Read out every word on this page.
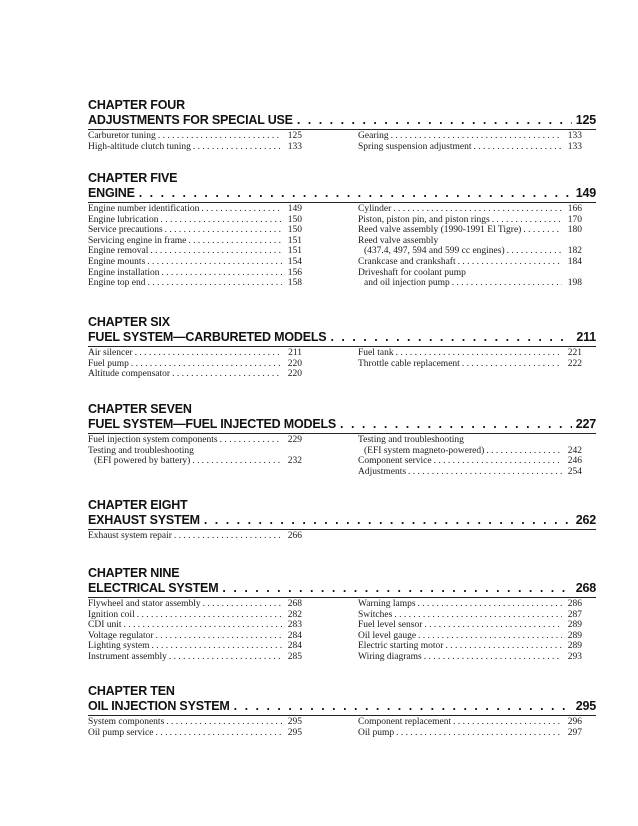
CHAPTER FOUR
ADJUSTMENTS FOR SPECIAL USE . . .	125
Carburetor tuning . . .	125
High-altitude clutch tuning . . .	133
Gearing . . .	133
Spring suspension adjustment . . .	133
CHAPTER FIVE
ENGINE . . .	149
Engine number identification . . .	149
Engine lubrication . . .	150
Service precautions . . .	150
Servicing engine in frame . . .	151
Engine removal . . .	151
Engine mounts . . .	154
Engine installation . . .	156
Engine top end . . .	158
Cylinder . . .	166
Piston, piston pin, and piston rings . . .	170
Reed valve assembly (1990-1991 El Tigre) . . .	180
Reed valve assembly
(437.4, 497, 594 and 599 cc engines) . . .	182
Crankcase and crankshaft . . .	184
Driveshaft for coolant pump
and oil injection pump . . .	198
CHAPTER SIX
FUEL SYSTEM—CARBURETED MODELS . . .	211
Air silencer . . .	211
Fuel pump . . .	220
Altitude compensator . . .	220
Fuel tank . . .	221
Throttle cable replacement . . .	222
CHAPTER SEVEN
FUEL SYSTEM—FUEL INJECTED MODELS . . .	227
Fuel injection system components . . .	229
Testing and troubleshooting
(EFI powered by battery) . . .	232
Testing and troubleshooting
(EFI system magneto-powered) . . .	242
Component service . . .	246
Adjustments . . .	254
CHAPTER EIGHT
EXHAUST SYSTEM . . .	262
Exhaust system repair . . .	266
CHAPTER NINE
ELECTRICAL SYSTEM . . .	268
Flywheel and stator assembly . . .	268
Ignition coil . . .	282
CDI unit . . .	283
Voltage regulator . . .	284
Lighting system . . .	284
Instrument assembly . . .	285
Warning lamps . . .	286
Switches . . .	287
Fuel level sensor . . .	289
Oil level gauge . . .	289
Electric starting motor . . .	289
Wiring diagrams . . .	293
CHAPTER TEN
OIL INJECTION SYSTEM . . .	295
System components . . .	295
Oil pump service . . .	295
Component replacement . . .	296
Oil pump . . .	297
